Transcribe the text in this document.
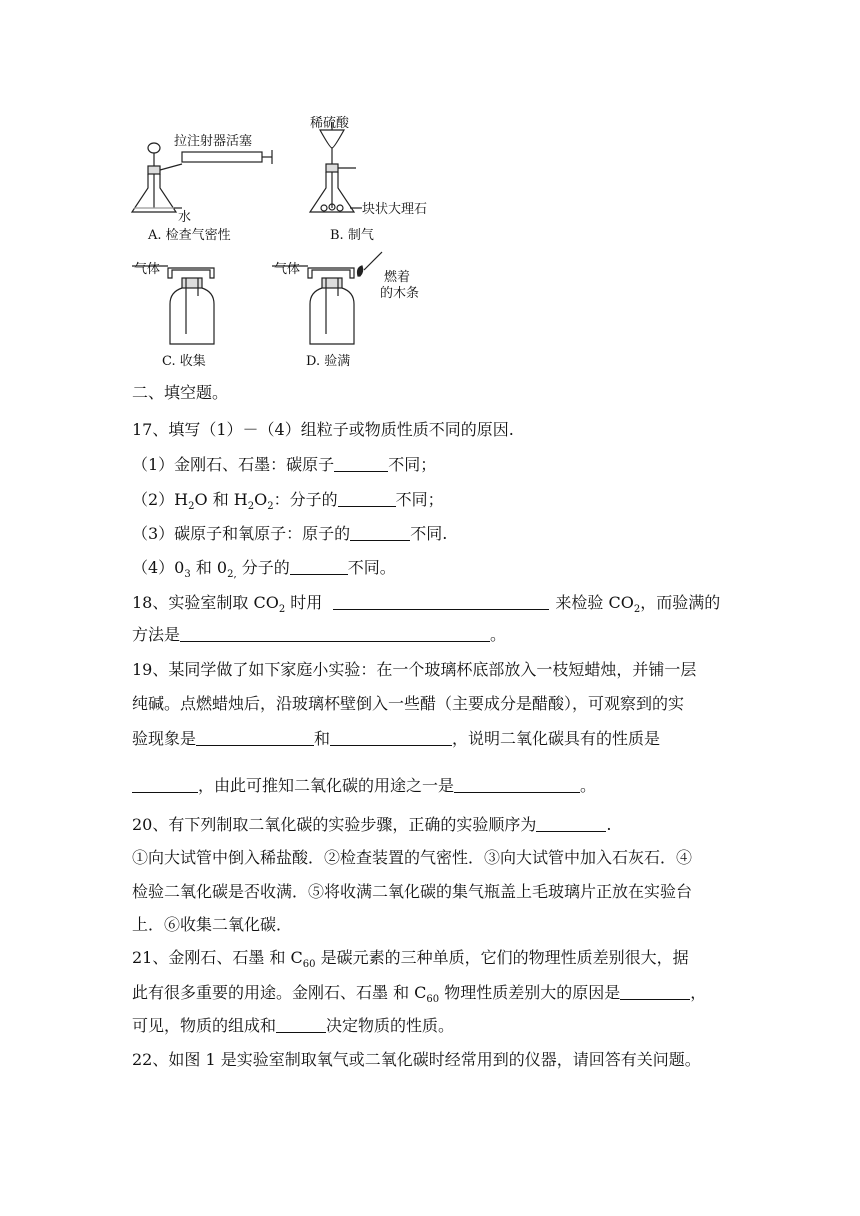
拉注射器活塞
水
A. 检查气密性
稀硫酸
块状大理石
B. 制气
气体
C. 收集
气体
燃着
的木条
D. 验满
二、填空题。
17、填写（1）－（4）组粒子或物质性质不同的原因.
（1）金刚石、石墨：碳原子	不同；
$(2)H_2O$ 和 $H_2O_2$：分子的	不同；
（3）碳原子和氧原子：原子的	不同.
$(4)0_3$ 和 $0_{2,}$ 分子的	不同。
18、实验室制取 $CO_2$ 时用	来检验 $CO_2$，而验满的
方法是	。
19、某同学做了如下家庭小实验：在一个玻璃杯底部放入一枝短蜡烛，并铺一层
纯碱。点燃蜡烛后，沿玻璃杯壁倒入一些醋（主要成分是醋酸），可观察到的实
验现象是	和	，说明二氧化碳具有的性质是
，由此可推知二氧化碳的用途之一是	。
20、有下列制取二氧化碳的实验步骤，正确的实验顺序为	.
①向大试管中倒入稀盐酸．②检查装置的气密性．③向大试管中加入石灰石．④
检验二氧化碳是否收满．⑤将收满二氧化碳的集气瓶盖上毛玻璃片正放在实验台
上．⑥收集二氧化碳．
21、金刚石、石墨 和 $C_{60}$ 是碳元素的三种单质，它们的物理性质差别很大，据
此有很多重要的用途。金刚石、石墨 和 $C_{60}$ 物理性质差别大的原因是	，
可见，物质的组成和	决定物质的性质。
22、如图 1 是实验室制取氧气或二氧化碳时经常用到的仪器，请回答有关问题。
